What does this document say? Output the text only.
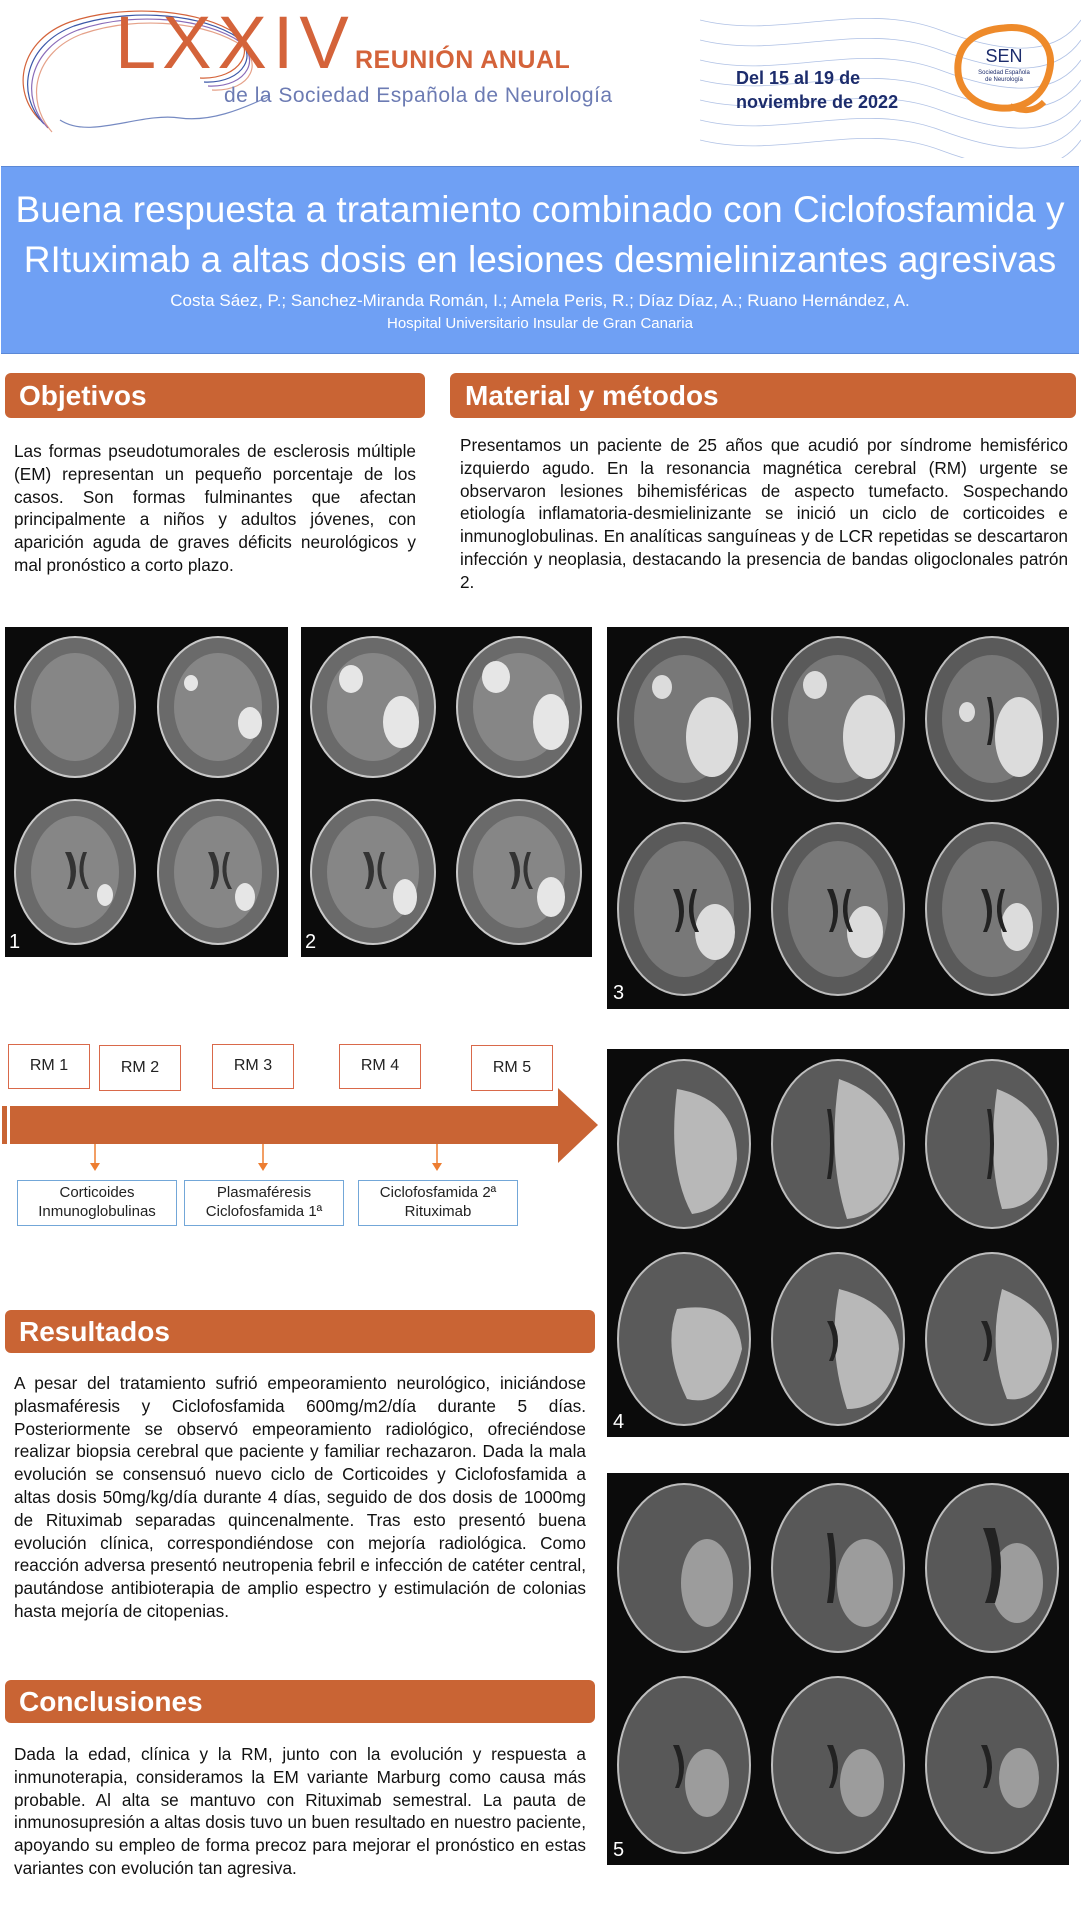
LXXIV REUNIÓN ANUAL
de la Sociedad Española de Neurología
Del 15 al 19 de
noviembre de 2022
SEN
Sociedad Española
de Neurología
Buena respuesta a tratamiento combinado con Ciclofosfamida y
RItuximab a altas dosis en lesiones desmielinizantes agresivas
Costa Sáez, P.; Sanchez-Miranda Román, I.; Amela Peris, R.; Díaz Díaz, A.; Ruano Hernández, A.
Hospital Universitario Insular de Gran Canaria
Objetivos
Las formas pseudotumorales de esclerosis múltiple (EM) representan un pequeño porcentaje de los casos. Son formas fulminantes que afectan principalmente a niños y adultos jóvenes, con aparición aguda de graves déficits neurológicos y mal pronóstico a corto plazo.
Material y métodos
Presentamos un paciente de 25 años que acudió por síndrome hemisférico izquierdo agudo. En la resonancia magnética cerebral (RM) urgente se observaron lesiones bihemisféricas de aspecto tumefacto. Sospechando etiología inflamatoria-desmielinizante se inició un ciclo de corticoides e inmunoglobulinas. En analíticas sanguíneas y de LCR repetidas se descartaron infección y neoplasia, destacando la presencia de bandas oligoclonales patrón 2.
1	2
3
RM 1	RM 2	RM 3	RM 4	RM 5
Corticoides
Inmunoglobulinas
Plasmaféresis
Ciclofosfamida 1ª
Ciclofosfamida 2ª
Rituximab
4
Resultados
A pesar del tratamiento sufrió empeoramiento neurológico, iniciándose plasmaféresis y Ciclofosfamida 600mg/m2/día durante 5 días. Posteriormente se observó empeoramiento radiológico, ofreciéndose realizar biopsia cerebral que paciente y familiar rechazaron. Dada la mala evolución se consensuó nuevo ciclo de Corticoides y Ciclofosfamida a altas dosis 50mg/kg/día durante 4 días, seguido de dos dosis de 1000mg de Rituximab separadas quincenalmente. Tras esto presentó buena evolución clínica, correspondiéndose con mejoría radiológica. Como reacción adversa presentó neutropenia febril e infección de catéter central, pautándose antibioterapia de amplio espectro y estimulación de colonias hasta mejoría de citopenias.
Conclusiones
Dada la edad, clínica y la RM, junto con la evolución y respuesta a inmunoterapia, consideramos la EM variante Marburg como causa más probable. Al alta se mantuvo con Rituximab semestral. La pauta de inmunosupresión a altas dosis tuvo un buen resultado en nuestro paciente, apoyando su empleo de forma precoz para mejorar el pronóstico en estas variantes con evolución tan agresiva.
5
